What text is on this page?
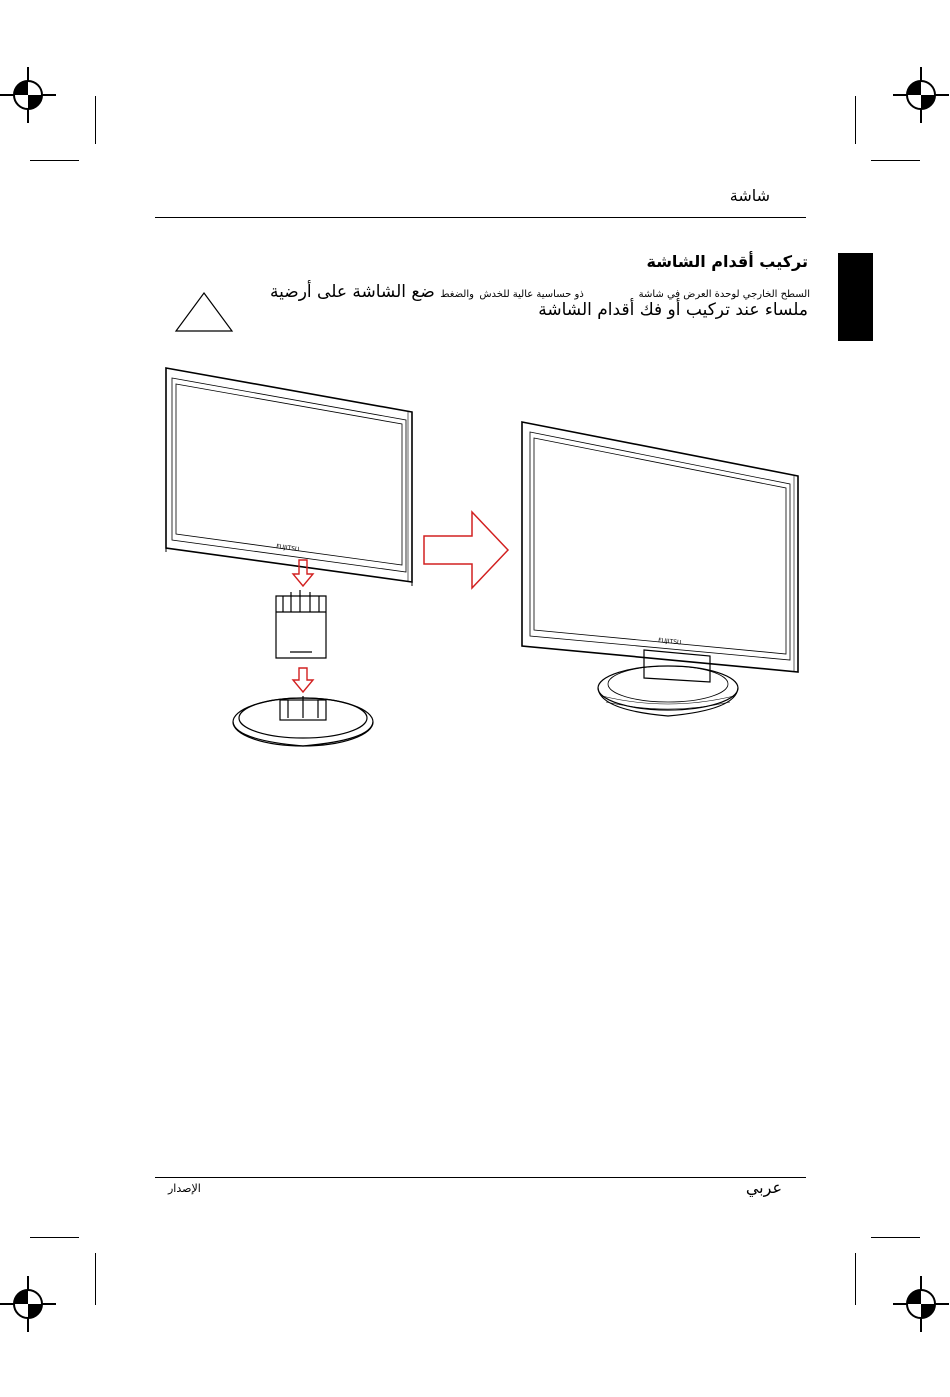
شاشة
تركيب أقدام الشاشة
السطح الخارجي لوحدة العرض في شاشة  ذو حساسية عالية للخدش والضغط ضع الشاشة على أرضية
ملساء عند تركيب أو فك أقدام الشاشة
FUJITSU
FUJITSU
الإصدار	عربي
